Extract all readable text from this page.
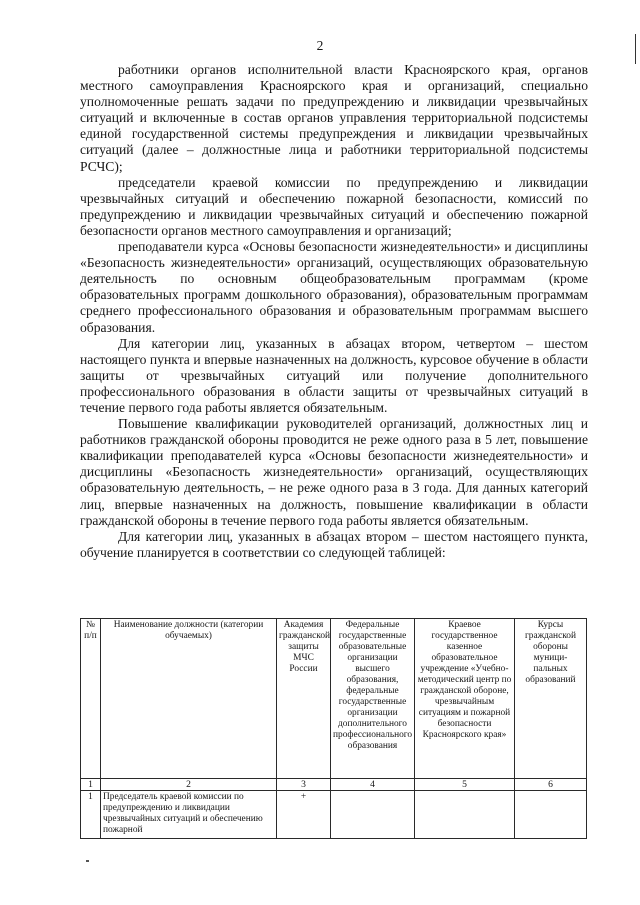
2

работники органов исполнительной власти Красноярского края, органов местного самоуправления Красноярского края и организаций, специально уполномоченные решать задачи по предупреждению и ликвидации чрезвычайных ситуаций и включенные в состав органов управления территориальной подсистемы единой государственной системы предупреждения и ликвидации чрезвычайных ситуаций (далее – должностные лица и работники территориальной подсистемы РСЧС);

председатели краевой комиссии по предупреждению и ликвидации чрезвычайных ситуаций и обеспечению пожарной безопасности, комиссий по предупреждению и ликвидации чрезвычайных ситуаций и обеспечению пожарной безопасности органов местного самоуправления и организаций;

преподаватели курса «Основы безопасности жизнедеятельности» и дисциплины «Безопасность жизнедеятельности» организаций, осуществляющих образовательную деятельность по основным общеобразовательным программам (кроме образовательных программ дошкольного образования), образовательным программам среднего профессионального образования и образовательным программам высшего образования.

Для категории лиц, указанных в абзацах втором, четвертом – шестом настоящего пункта и впервые назначенных на должность, курсовое обучение в области защиты от чрезвычайных ситуаций или получение дополнительного профессионального образования в области защиты от чрезвычайных ситуаций в течение первого года работы является обязательным.

Повышение квалификации руководителей организаций, должностных лиц и работников гражданской обороны проводится не реже одного раза в 5 лет, повышение квалификации преподавателей курса «Основы безопасности жизнедеятельности» и дисциплины «Безопасность жизнедеятельности» организаций, осуществляющих образовательную деятельность, – не реже одного раза в 3 года. Для данных категорий лиц, впервые назначенных на должность, повышение квалификации в области гражданской обороны в течение первого года работы является обязательным.

Для категории лиц, указанных в абзацах втором – шестом настоящего пункта, обучение планируется в соответствии со следующей таблицей:

№ п/п	Наименование должности (категории обучаемых)	Академия гражданской защиты МЧС России	Федеральные государственные образовательные организации высшего образования, федеральные государственные организации дополнительного профессионального образования	Краевое государственное казенное образовательное учреждение «Учебно-методический центр по гражданской обороне, чрезвычайным ситуациям и пожарной безопасности Красноярского края»	Курсы гражданской обороны муници-пальных образований
1	2	3	4	5	6
1	Председатель краевой комиссии по предупреждению и ликвидации чрезвычайных ситуаций и обеспечению пожарной	+			
